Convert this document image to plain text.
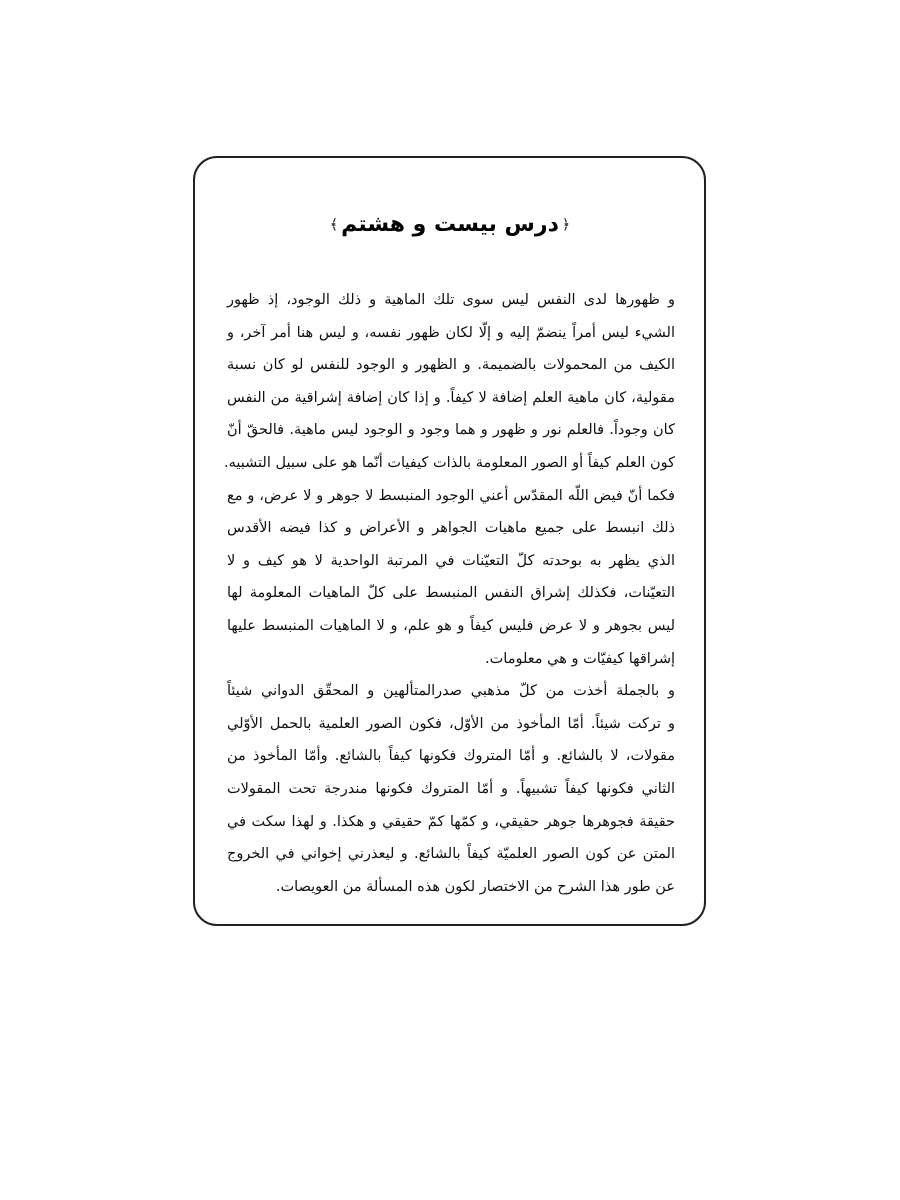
﴿درس بیست و هشتم﴾

و ظهورها لدى النفس ليس سوى تلك الماهية و ذلك الوجود، إذ ظهور
الشيء ليس أمراً ينضمّ إليه و إلّا لكان ظهور نفسه، و ليس هنا أمر آخر، و
الكيف من المحمولات بالضميمة. و الظهور و الوجود للنفس لو كان نسبة
مقولية، كان ماهية العلم إضافة لا كيفاً. و إذا كان إضافة إشراقية من النفس
كان وجوداً. فالعلم نور و ظهور و هما وجود و الوجود ليس ماهية. فالحقّ أنّ
كون العلم كيفاً أو الصور المعلومة بالذات كيفيات أنّما هو على سبيل التشبيه.
فكما أنّ فيض اللّه المقدّس أعني الوجود المنبسط لا جوهر و لا عرض، و مع
ذلك انبسط على جميع ماهيات الجواهر و الأعراض و كذا فيضه الأقدس
الذي يظهر به بوحدته كلّ التعيّنات في المرتبة الواحدية لا هو كيف و لا
التعيّنات، فكذلك إشراق النفس المنبسط على كلّ الماهيات المعلومة لها
ليس بجوهر و لا عرض فليس كيفاً و هو علم، و لا الماهيات المنبسط عليها
إشراقها كيفيّات و هي معلومات.

و بالجملة أخذت من كلّ مذهبي صدرالمتألهين و المحقّق الدواني شيئاً
و تركت شيئاً. أمّا المأخوذ من الأوّل، فكون الصور العلمية بالحمل الأوّلي
مقولات، لا بالشائع. و أمّا المتروك فكونها كيفاً بالشائع. وأمّا المأخوذ من
الثاني فكونها كيفاً تشبيهاً. و أمّا المتروك فكونها مندرجة تحت المقولات
حقيقة فجوهرها جوهر حقيقي، و كمّها كمّ حقيقي و هكذا. و لهذا سكت في
المتن عن كون الصور العلميّة كيفاً بالشائع. و ليعذرني إخواني في الخروج
عن طور هذا الشرح من الاختصار لكون هذه المسألة من العويصات.
